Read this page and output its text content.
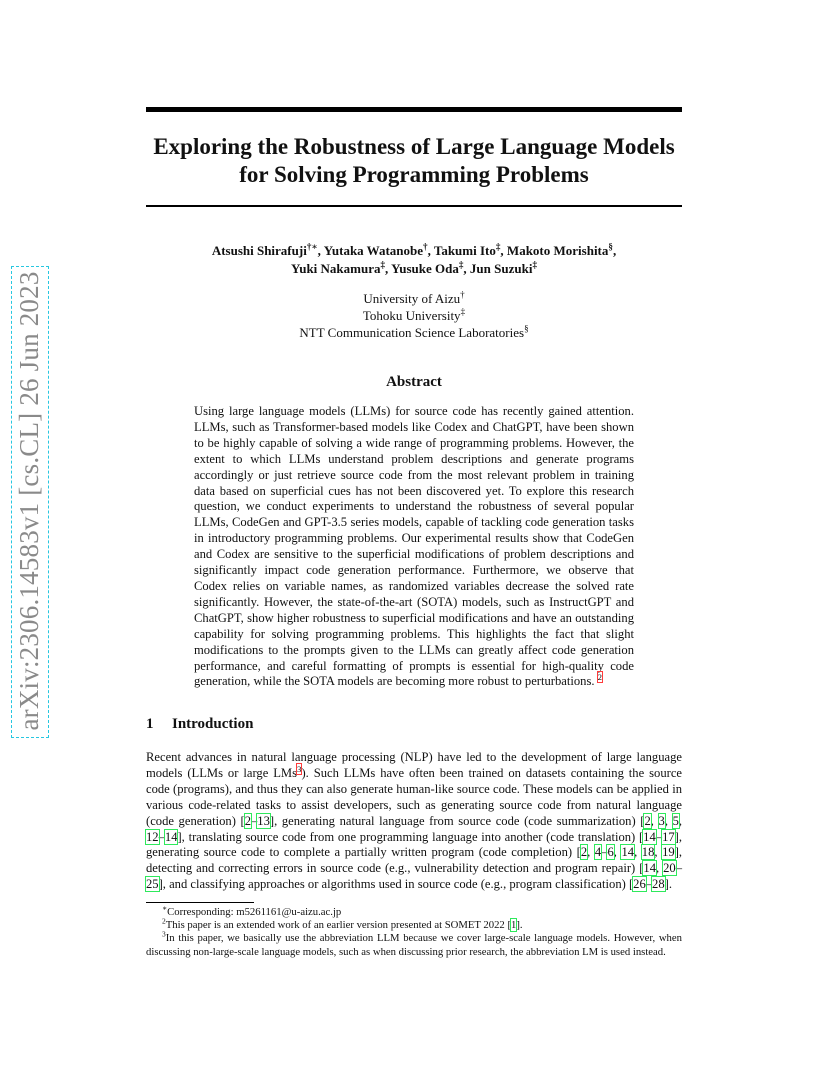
Exploring the Robustness of Large Language Models
for Solving Programming Problems
arXiv:2306.14583v1 [cs.CL] 26 Jun 2023
Atsushi Shirafuji†∗, Yutaka Watanobe†, Takumi Ito‡, Makoto Morishita§,
Yuki Nakamura‡, Yusuke Oda‡, Jun Suzuki‡
University of Aizu†
Tohoku University‡
NTT Communication Science Laboratories§
Abstract
Using large language models (LLMs) for source code has recently gained attention. LLMs, such as Transformer-based models like Codex and ChatGPT, have been shown to be highly capable of solving a wide range of programming problems. However, the extent to which LLMs understand problem descriptions and generate programs accordingly or just retrieve source code from the most relevant problem in training data based on superficial cues has not been discovered yet. To explore this research question, we conduct experiments to understand the robustness of several popular LLMs, CodeGen and GPT-3.5 series models, capable of tackling code generation tasks in introductory programming problems. Our experimental results show that CodeGen and Codex are sensitive to the superficial modifications of problem descriptions and significantly impact code generation performance. Furthermore, we observe that Codex relies on variable names, as randomized variables decrease the solved rate significantly. However, the state-of-the-art (SOTA) models, such as InstructGPT and ChatGPT, show higher robustness to superficial modifications and have an outstanding capability for solving programming problems. This highlights the fact that slight modifications to the prompts given to the LLMs can greatly affect code generation performance, and careful formatting of prompts is essential for high-quality code generation, while the SOTA models are becoming more robust to perturbations. $^2$
1 Introduction
Recent advances in natural language processing (NLP) have led to the development of large language models (LLMs or large LMs$^3$). Such LLMs have often been trained on datasets containing the source code (programs), and thus they can also generate human-like source code. These models can be applied in various code-related tasks to assist developers, such as generating source code from natural language (code generation) [2–13], generating natural language from source code (code summarization) [2, 3, 5, 12–14], translating source code from one programming language into another (code translation) [14–17], generating source code to complete a partially written program (code completion) [2, 4–6, 14, 18, 19], detecting and correcting errors in source code (e.g., vulnerability detection and program repair) [14, 20–25], and classifying approaches or algorithms used in source code (e.g., program classification) [26–28].

∗Corresponding: m5261161@u-aizu.ac.jp

$^2$This paper is an extended work of an earlier version presented at SOMET 2022 [1].

$^3$In this paper, we basically use the abbreviation LLM because we cover large-scale language models. However, when discussing non-large-scale language models, such as when discussing prior research, the abbreviation LM is used instead.
